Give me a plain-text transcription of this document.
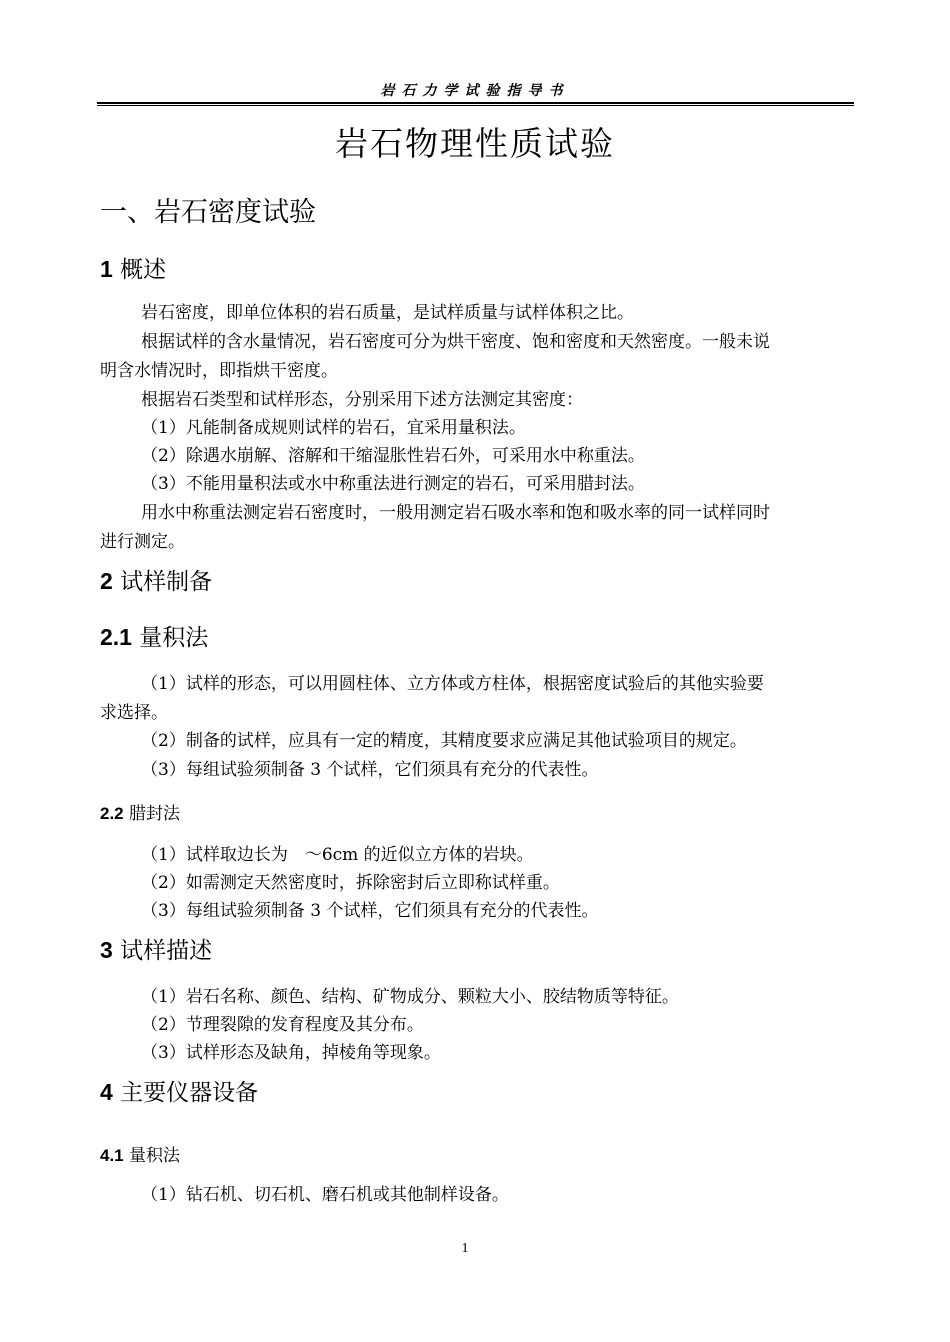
岩石力学试验指导书
岩石物理性质试验
一、岩石密度试验
1 概述
岩石密度，即单位体积的岩石质量，是试样质量与试样体积之比。
根据试样的含水量情况，岩石密度可分为烘干密度、饱和密度和天然密度。一般未说
明含水情况时，即指烘干密度。
根据岩石类型和试样形态，分别采用下述方法测定其密度：
（1）凡能制备成规则试样的岩石，宜采用量积法。
（2）除遇水崩解、溶解和干缩湿胀性岩石外，可采用水中称重法。
（3）不能用量积法或水中称重法进行测定的岩石，可采用腊封法。
用水中称重法测定岩石密度时，一般用测定岩石吸水率和饱和吸水率的同一试样同时
进行测定。
2 试样制备
2.1 量积法
（1）试样的形态，可以用圆柱体、立方体或方柱体，根据密度试验后的其他实验要
求选择。
（2）制备的试样，应具有一定的精度，其精度要求应满足其他试验项目的规定。
（3）每组试验须制备 3 个试样，它们须具有充分的代表性。
2.2 腊封法
（1）试样取边长为　～6cm 的近似立方体的岩块。
（2）如需测定天然密度时，拆除密封后立即称试样重。
（3）每组试验须制备 3 个试样，它们须具有充分的代表性。
3 试样描述
（1）岩石名称、颜色、结构、矿物成分、颗粒大小、胶结物质等特征。
（2）节理裂隙的发育程度及其分布。
（3）试样形态及缺角，掉棱角等现象。
4 主要仪器设备
4.1 量积法
（1）钻石机、切石机、磨石机或其他制样设备。
1
